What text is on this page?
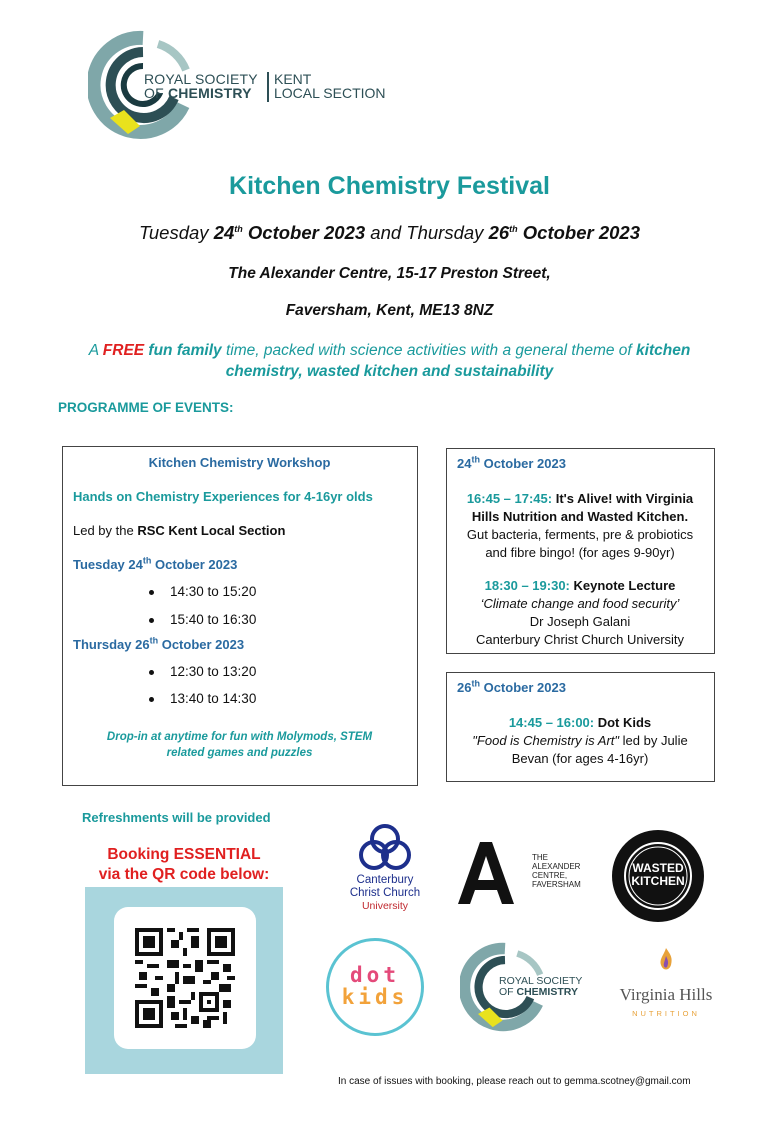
ROYAL SOCIETY
OF CHEMISTRY
KENT
LOCAL SECTION
Kitchen Chemistry Festival
Tuesday 24th October 2023 and Thursday 26th October 2023
The Alexander Centre, 15-17 Preston Street,
Faversham, Kent, ME13 8NZ
A FREE fun family time, packed with science activities with a general theme of kitchen
chemistry, wasted kitchen and sustainability
PROGRAMME OF EVENTS:
Kitchen Chemistry Workshop
Hands on Chemistry Experiences for 4-16yr olds
Led by the RSC Kent Local Section
Tuesday 24th October 2023
14:30 to 15:20
15:40 to 16:30
Thursday 26th October 2023
12:30 to 13:20
13:40 to 14:30
Drop-in at anytime for fun with Molymods, STEM
related games and puzzles
24th October 2023
16:45 – 17:45: It's Alive! with Virginia
Hills Nutrition and Wasted Kitchen.
Gut bacteria, ferments, pre & probiotics
and fibre bingo! (for ages 9-90yr)
18:30 – 19:30: Keynote Lecture
‘Climate change and food security’
Dr Joseph Galani
Canterbury Christ Church University
26th October 2023
14:45 – 16:00: Dot Kids
"Food is Chemistry is Art" led by Julie
Bevan (for ages 4-16yr)
Refreshments will be provided
Booking ESSENTIAL
via the QR code below:	Canterbury
Christ Church
University
THE
ALEXANDER
CENTRE,
FAVERSHAM
WASTED
KITCHEN
dot
kids
ROYAL SOCIETY
OF CHEMISTRY	Virginia Hills
NUTRITION
In case of issues with booking, please reach out to gemma.scotney@gmail.com
